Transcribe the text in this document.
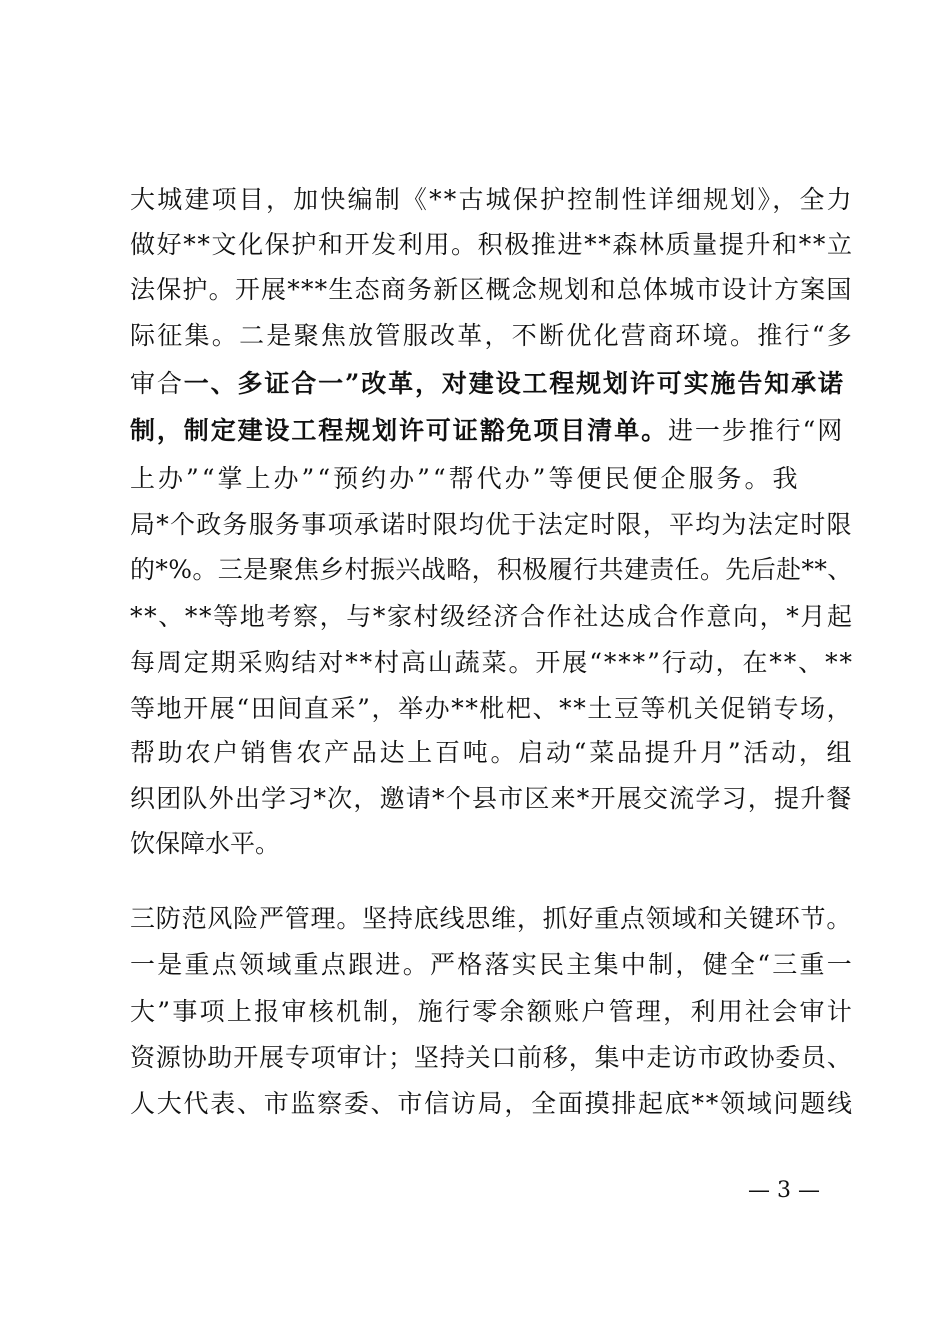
大城建项目，加快编制《**古城保护控制性详细规划》，全力
做好**文化保护和开发利用。积极推进**森林质量提升和**立
法保护。开展***生态商务新区概念规划和总体城市设计方案国
际征集。二是聚焦放管服改革，不断优化营商环境。推行“多
审合一、多证合一”改革，对建设工程规划许可实施告知承诺
制，制定建设工程规划许可证豁免项目清单。进一步推行“网
上办”“掌上办”“预约办”“帮代办”等便民便企服务。我
局*个政务服务事项承诺时限均优于法定时限，平均为法定时限
的*%。三是聚焦乡村振兴战略，积极履行共建责任。先后赴**、
**、**等地考察，与*家村级经济合作社达成合作意向，*月起
每周定期采购结对**村高山蔬菜。开展“***”行动，在**、**
等地开展“田间直采”，举办**枇杷、**土豆等机关促销专场，
帮助农户销售农产品达上百吨。启动“菜品提升月”活动，组
织团队外出学习*次，邀请*个县市区来*开展交流学习，提升餐
饮保障水平。
三防范风险严管理。坚持底线思维，抓好重点领域和关键环节。
一是重点领域重点跟进。严格落实民主集中制，健全“三重一
大”事项上报审核机制，施行零余额账户管理，利用社会审计
资源协助开展专项审计；坚持关口前移，集中走访市政协委员、
人大代表、市监察委、市信访局，全面摸排起底**领域问题线
— 3 —
